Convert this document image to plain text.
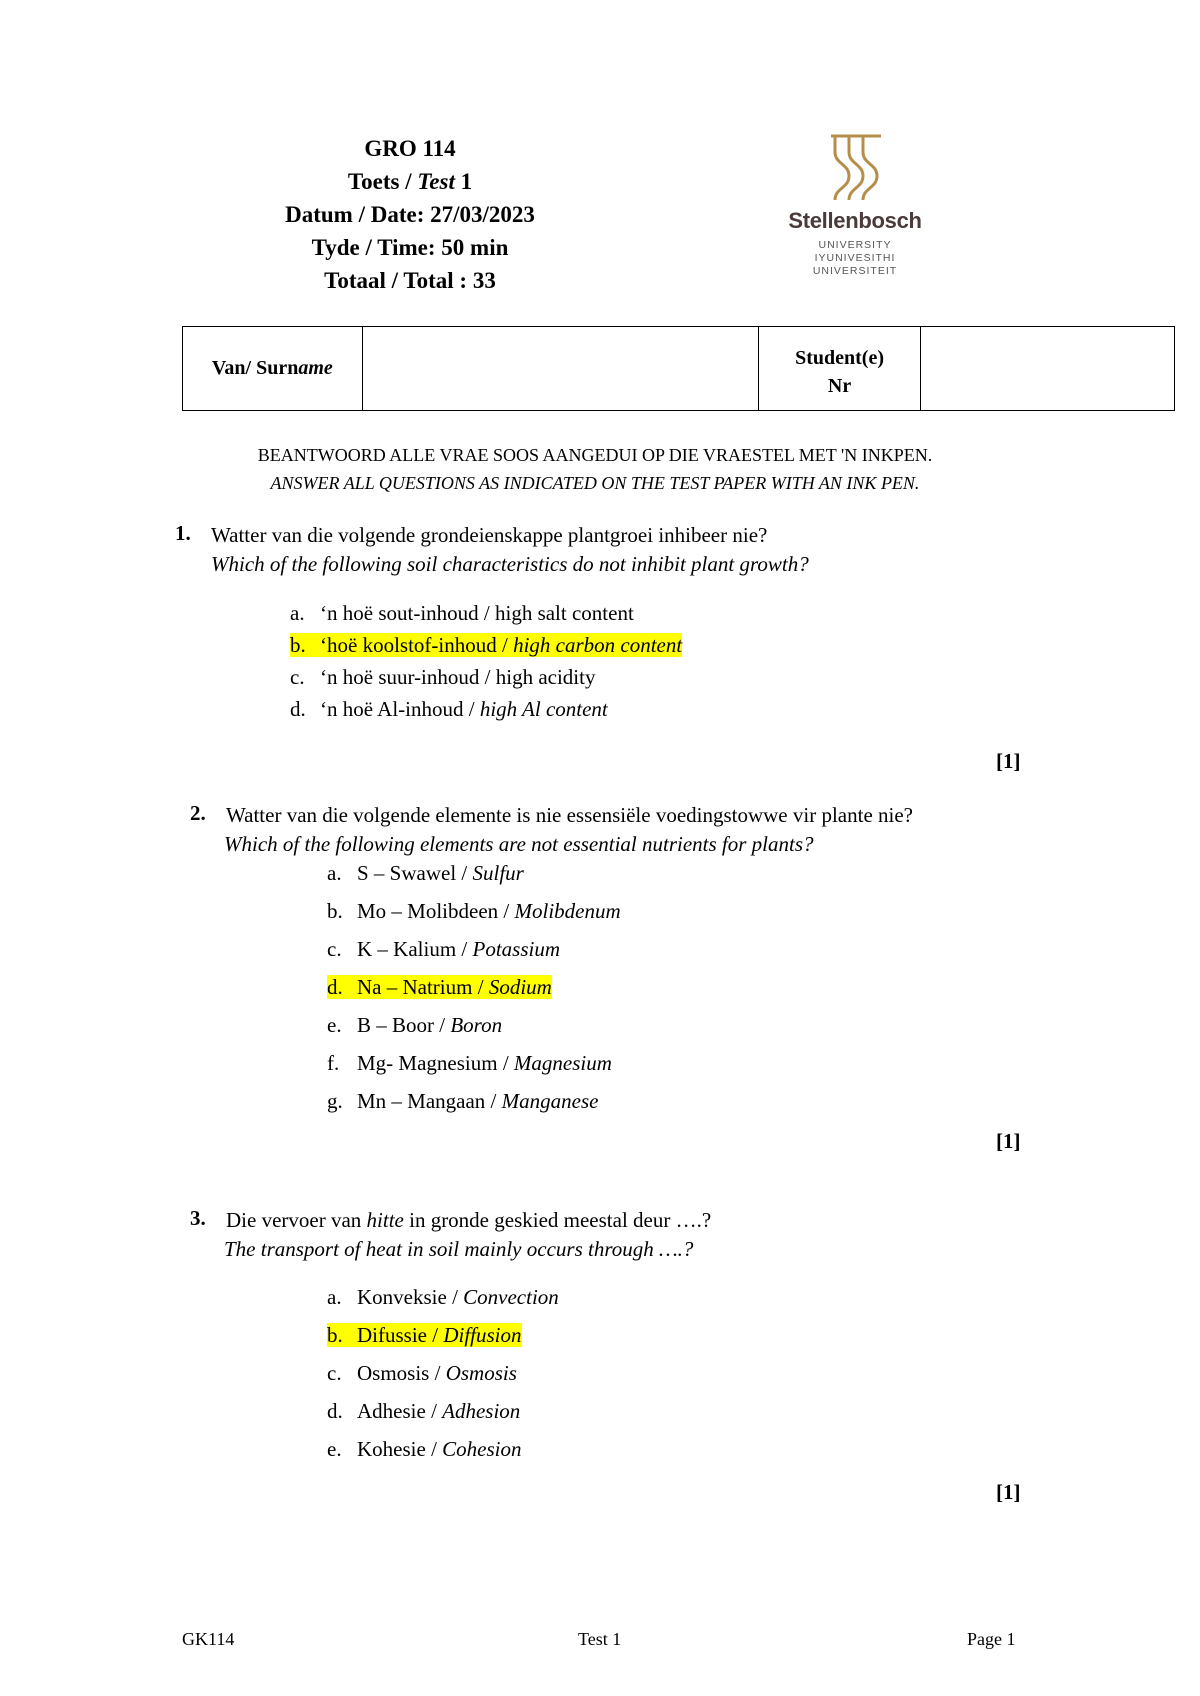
GRO 114
Toets / Test 1
Datum / Date: 27/03/2023
Tyde / Time: 50 min
Totaal / Total : 33
Stellenbosch
UNIVERSITY
IYUNIVESITHI
UNIVERSITEIT
Van/ Surname		Student(e)
Nr

BEANTWOORD ALLE VRAE SOOS AANGEDUI OP DIE VRAESTEL MET 'N INKPEN.
ANSWER ALL QUESTIONS AS INDICATED ON THE TEST PAPER WITH AN INK PEN.
1. Watter van die volgende grondeienskappe plantgroei inhibeer nie?
Which of the following soil characteristics do not inhibit plant growth?
a. ‘n hoë sout-inhoud / high salt content
b. ‘hoë koolstof-inhoud / high carbon content
c. ‘n hoë suur-inhoud / high acidity
d. ‘n hoë Al-inhoud / high Al content
[1]
2. Watter van die volgende elemente is nie essensiële voedingstowwe vir plante nie?
Which of the following elements are not essential nutrients for plants?
a. S – Swawel / Sulfur
b. Mo – Molibdeen / Molibdenum
c. K – Kalium / Potassium
d. Na – Natrium / Sodium
e. B – Boor / Boron
f. Mg- Magnesium / Magnesium
g. Mn – Mangaan / Manganese
[1]
3. Die vervoer van hitte in gronde geskied meestal deur ….?
The transport of heat in soil mainly occurs through ….?
a. Konveksie / Convection
b. Difussie / Diffusion
c. Osmosis / Osmosis
d. Adhesie / Adhesion
e. Kohesie / Cohesion
[1]
GK114	Test 1	Page 1
